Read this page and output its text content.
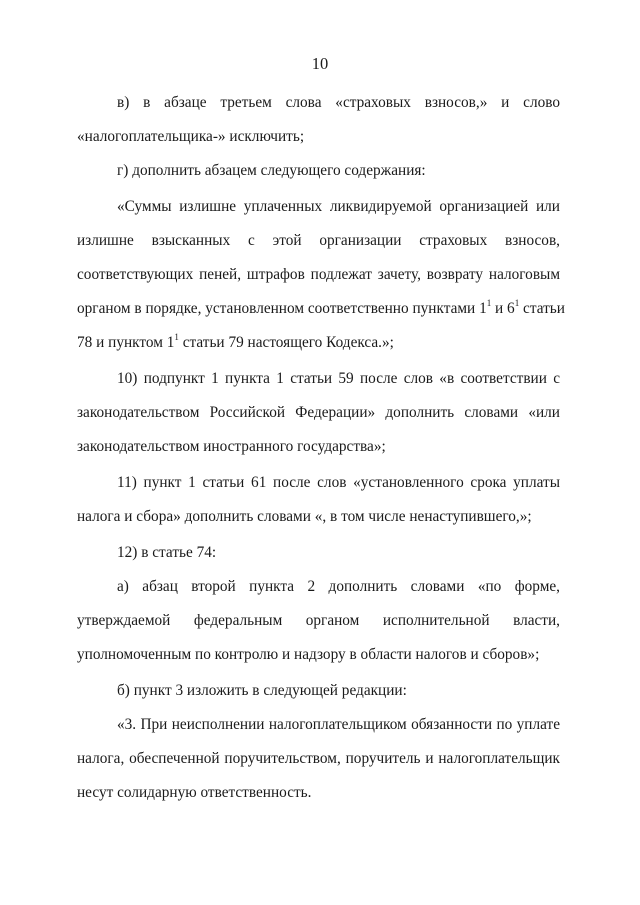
10
в) в абзаце третьем слова «страховых взносов,» и слово
«налогоплательщика-» исключить;
г) дополнить абзацем следующего содержания:
«Суммы излишне уплаченных ликвидируемой организацией или
излишне взысканных с этой организации страховых взносов,
соответствующих пеней, штрафов подлежат зачету, возврату налоговым
органом в порядке, установленном соответственно пунктами $1^1$ и $6^1$ статьи
78 и пунктом $1^1$ статьи 79 настоящего Кодекса.»;
10) подпункт 1 пункта 1 статьи 59 после слов «в соответствии с
законодательством Российской Федерации» дополнить словами «или
законодательством иностранного государства»;
11) пункт 1 статьи 61 после слов «установленного срока уплаты
налога и сбора» дополнить словами «, в том числе ненаступившего,»;
12) в статье 74:
а) абзац второй пункта 2 дополнить словами «по форме,
утверждаемой федеральным органом исполнительной власти,
уполномоченным по контролю и надзору в области налогов и сборов»;
б) пункт 3 изложить в следующей редакции:
«3. При неисполнении налогоплательщиком обязанности по уплате
налога, обеспеченной поручительством, поручитель и налогоплательщик
несут солидарную ответственность.
